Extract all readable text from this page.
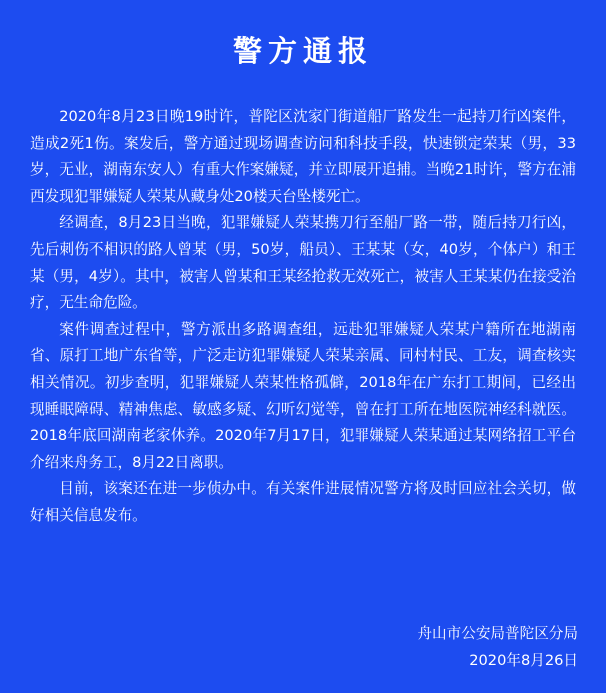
警方通报

2020年8月23日晚19时许，普陀区沈家门街道船厂路发生一起持刀行凶案件，造成2死1伤。案发后，警方通过现场调查访问和科技手段，快速锁定荣某（男，33岁，无业，湖南东安人）有重大作案嫌疑，并立即展开追捕。当晚21时许，警方在浦西发现犯罪嫌疑人荣某从藏身处20楼天台坠楼死亡。

经调查，8月23日当晚，犯罪嫌疑人荣某携刀行至船厂路一带，随后持刀行凶，先后刺伤不相识的路人曾某（男，50岁，船员）、王某某（女，40岁，个体户）和王某（男，4岁）。其中，被害人曾某和王某经抢救无效死亡，被害人王某某仍在接受治疗，无生命危险。

案件调查过程中，警方派出多路调查组，远赴犯罪嫌疑人荣某户籍所在地湖南省、原打工地广东省等，广泛走访犯罪嫌疑人荣某亲属、同村村民、工友，调查核实相关情况。初步查明，犯罪嫌疑人荣某性格孤僻，2018年在广东打工期间，已经出现睡眠障碍、精神焦虑、敏感多疑、幻听幻觉等，曾在打工所在地医院神经科就医。2018年底回湖南老家休养。2020年7月17日，犯罪嫌疑人荣某通过某网络招工平台介绍来舟务工，8月22日离职。

目前，该案还在进一步侦办中。有关案件进展情况警方将及时回应社会关切，做好相关信息发布。

舟山市公安局普陀区分局
2020年8月26日
